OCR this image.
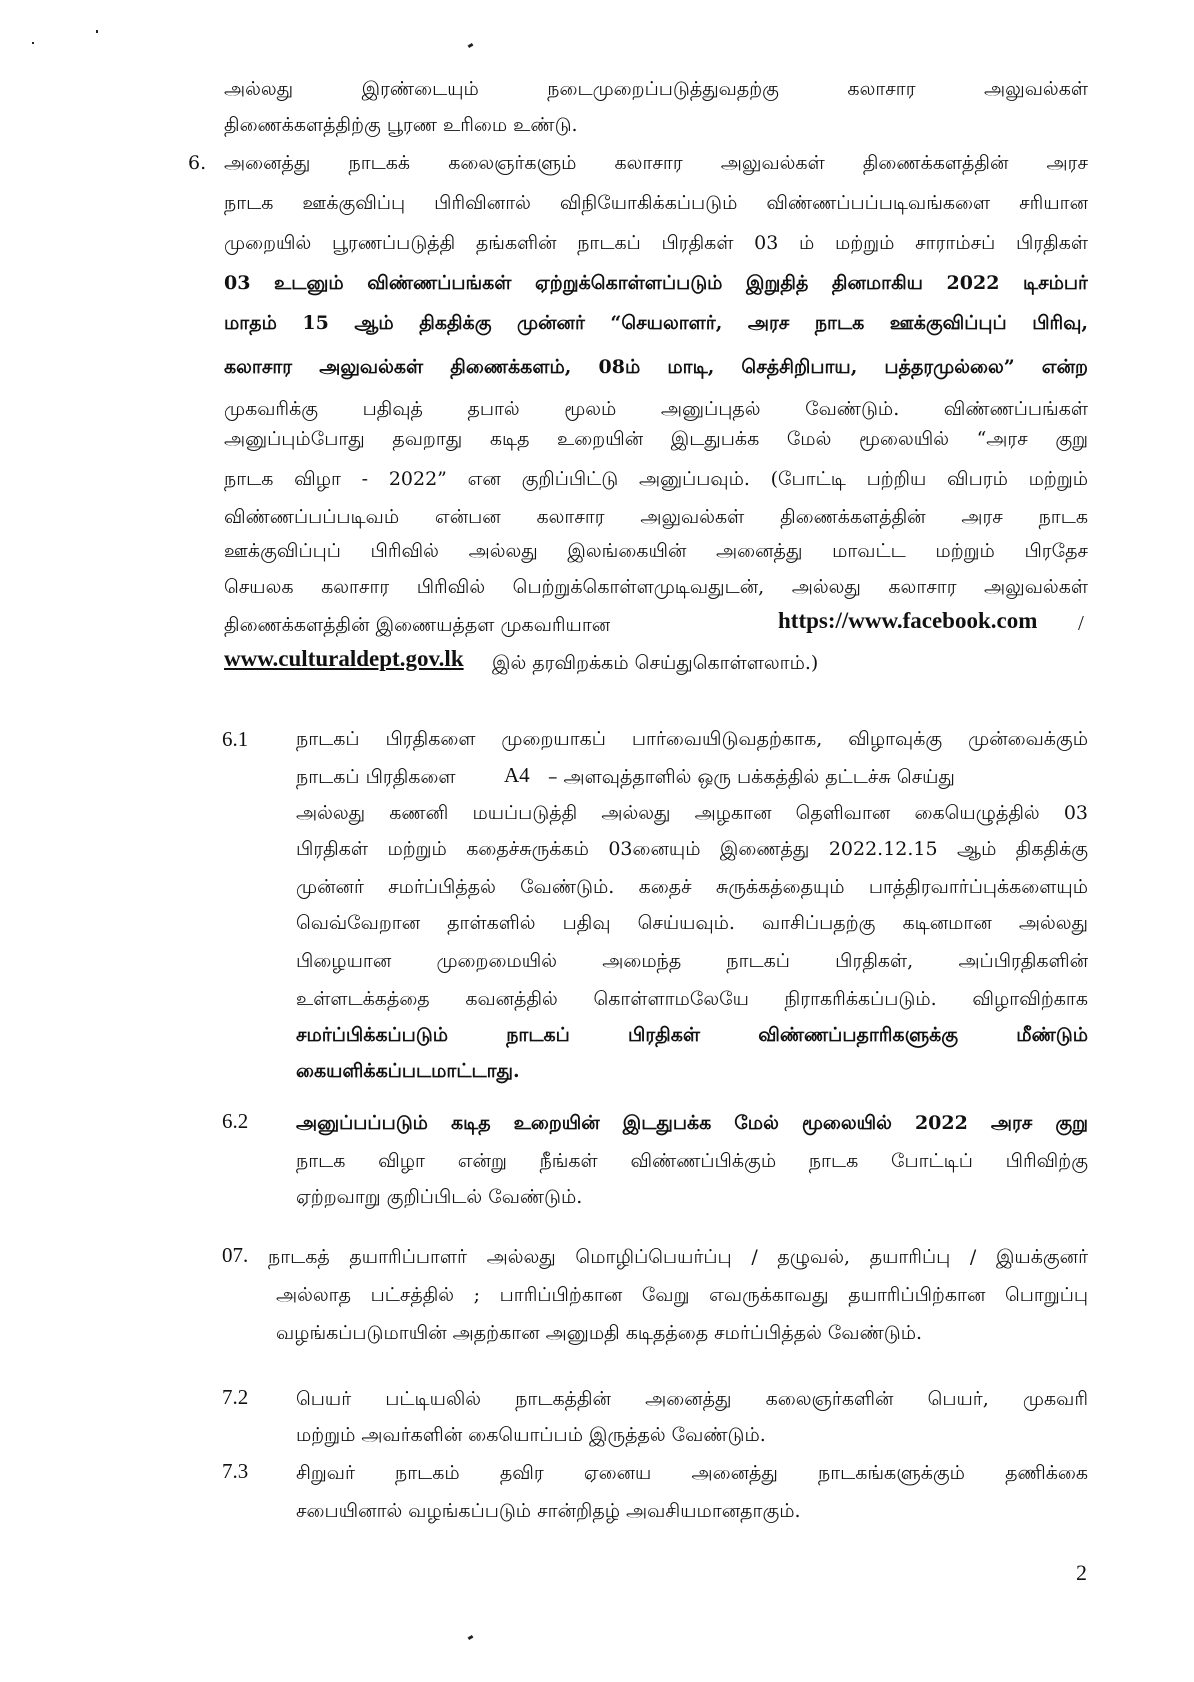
அல்லது இரண்டையும் நடைமுறைப்படுத்துவதற்கு கலாசார அலுவல்கள்
திணைக்களத்திற்கு பூரண உரிமை உண்டு.
6. அனைத்து நாடகக் கலைஞர்களும் கலாசார அலுவல்கள் திணைக்களத்தின் அரச
நாடக ஊக்குவிப்பு பிரிவினால் விநியோகிக்கப்படும் விண்ணப்பப்படிவங்களை சரியான
முறையில் பூரணப்படுத்தி தங்களின் நாடகப் பிரதிகள் 03 ம் மற்றும் சாராம்சப் பிரதிகள்
03 உடனும் விண்ணப்பங்கள் ஏற்றுக்கொள்ளப்படும் இறுதித் தினமாகிய 2022 டிசம்பர்
மாதம் 15 ஆம் திகதிக்கு முன்னர் “செயலாளர், அரச நாடக ஊக்குவிப்புப் பிரிவு,
கலாசார அலுவல்கள் திணைக்களம், 08ம் மாடி, செத்சிறிபாய, பத்தரமுல்லை” என்ற
முகவரிக்கு பதிவுத் தபால் மூலம் அனுப்புதல் வேண்டும். விண்ணப்பங்கள்
அனுப்பும்போது தவறாது கடித உறையின் இடதுபக்க மேல் மூலையில் “அரச குறு
நாடக விழா - 2022” என குறிப்பிட்டு அனுப்பவும். (போட்டி பற்றிய விபரம் மற்றும்
விண்ணப்பப்படிவம் என்பன கலாசார அலுவல்கள் திணைக்களத்தின் அரச நாடக
ஊக்குவிப்புப் பிரிவில் அல்லது இலங்கையின் அனைத்து மாவட்ட மற்றும் பிரதேச
செயலக கலாசார பிரிவில் பெற்றுக்கொள்ளமுடிவதுடன், அல்லது கலாசார அலுவல்கள்
திணைக்களத்தின் இணையத்தள முகவரியான	https://www.facebook.com /
www.culturaldept.gov.lk இல் தரவிறக்கம் செய்துகொள்ளலாம்.)
6.1	நாடகப் பிரதிகளை முறையாகப் பார்வையிடுவதற்காக, விழாவுக்கு முன்வைக்கும்
நாடகப் பிரதிகளை A4 – அளவுத்தாளில் ஒரு பக்கத்தில் தட்டச்சு செய்து
அல்லது கணனி மயப்படுத்தி அல்லது அழகான தெளிவான கையெழுத்தில் 03
பிரதிகள் மற்றும் கதைச்சுருக்கம் 03னையும் இணைத்து 2022.12.15 ஆம் திகதிக்கு
முன்னர் சமர்ப்பித்தல் வேண்டும். கதைச் சுருக்கத்தையும் பாத்திரவார்ப்புக்களையும்
வெவ்வேறான தாள்களில் பதிவு செய்யவும். வாசிப்பதற்கு கடினமான அல்லது
பிழையான முறைமையில் அமைந்த நாடகப் பிரதிகள், அப்பிரதிகளின்
உள்ளடக்கத்தை கவனத்தில் கொள்ளாமலேயே நிராகரிக்கப்படும். விழாவிற்காக
சமர்ப்பிக்கப்படும் நாடகப் பிரதிகள் விண்ணப்பதாரிகளுக்கு மீண்டும்
கையளிக்கப்படமாட்டாது.
6.2	அனுப்பப்படும் கடித உறையின் இடதுபக்க மேல் மூலையில் 2022 அரச குறு
நாடக விழா என்று நீங்கள் விண்ணப்பிக்கும் நாடக போட்டிப் பிரிவிற்கு
ஏற்றவாறு குறிப்பிடல் வேண்டும்.
07. நாடகத் தயாரிப்பாளர் அல்லது மொழிப்பெயர்ப்பு / தழுவல், தயாரிப்பு / இயக்குனர்
அல்லாத பட்சத்தில் ; பாரிப்பிற்கான வேறு எவருக்காவது தயாரிப்பிற்கான பொறுப்பு
வழங்கப்படுமாயின் அதற்கான அனுமதி கடிதத்தை சமர்ப்பித்தல் வேண்டும்.
7.2	பெயர் பட்டியலில் நாடகத்தின் அனைத்து கலைஞர்களின் பெயர், முகவரி
மற்றும் அவர்களின் கையொப்பம் இருத்தல் வேண்டும்.
7.3	சிறுவர் நாடகம் தவிர ஏனைய அனைத்து நாடகங்களுக்கும் தணிக்கை
சபையினால் வழங்கப்படும் சான்றிதழ் அவசியமானதாகும்.
2
